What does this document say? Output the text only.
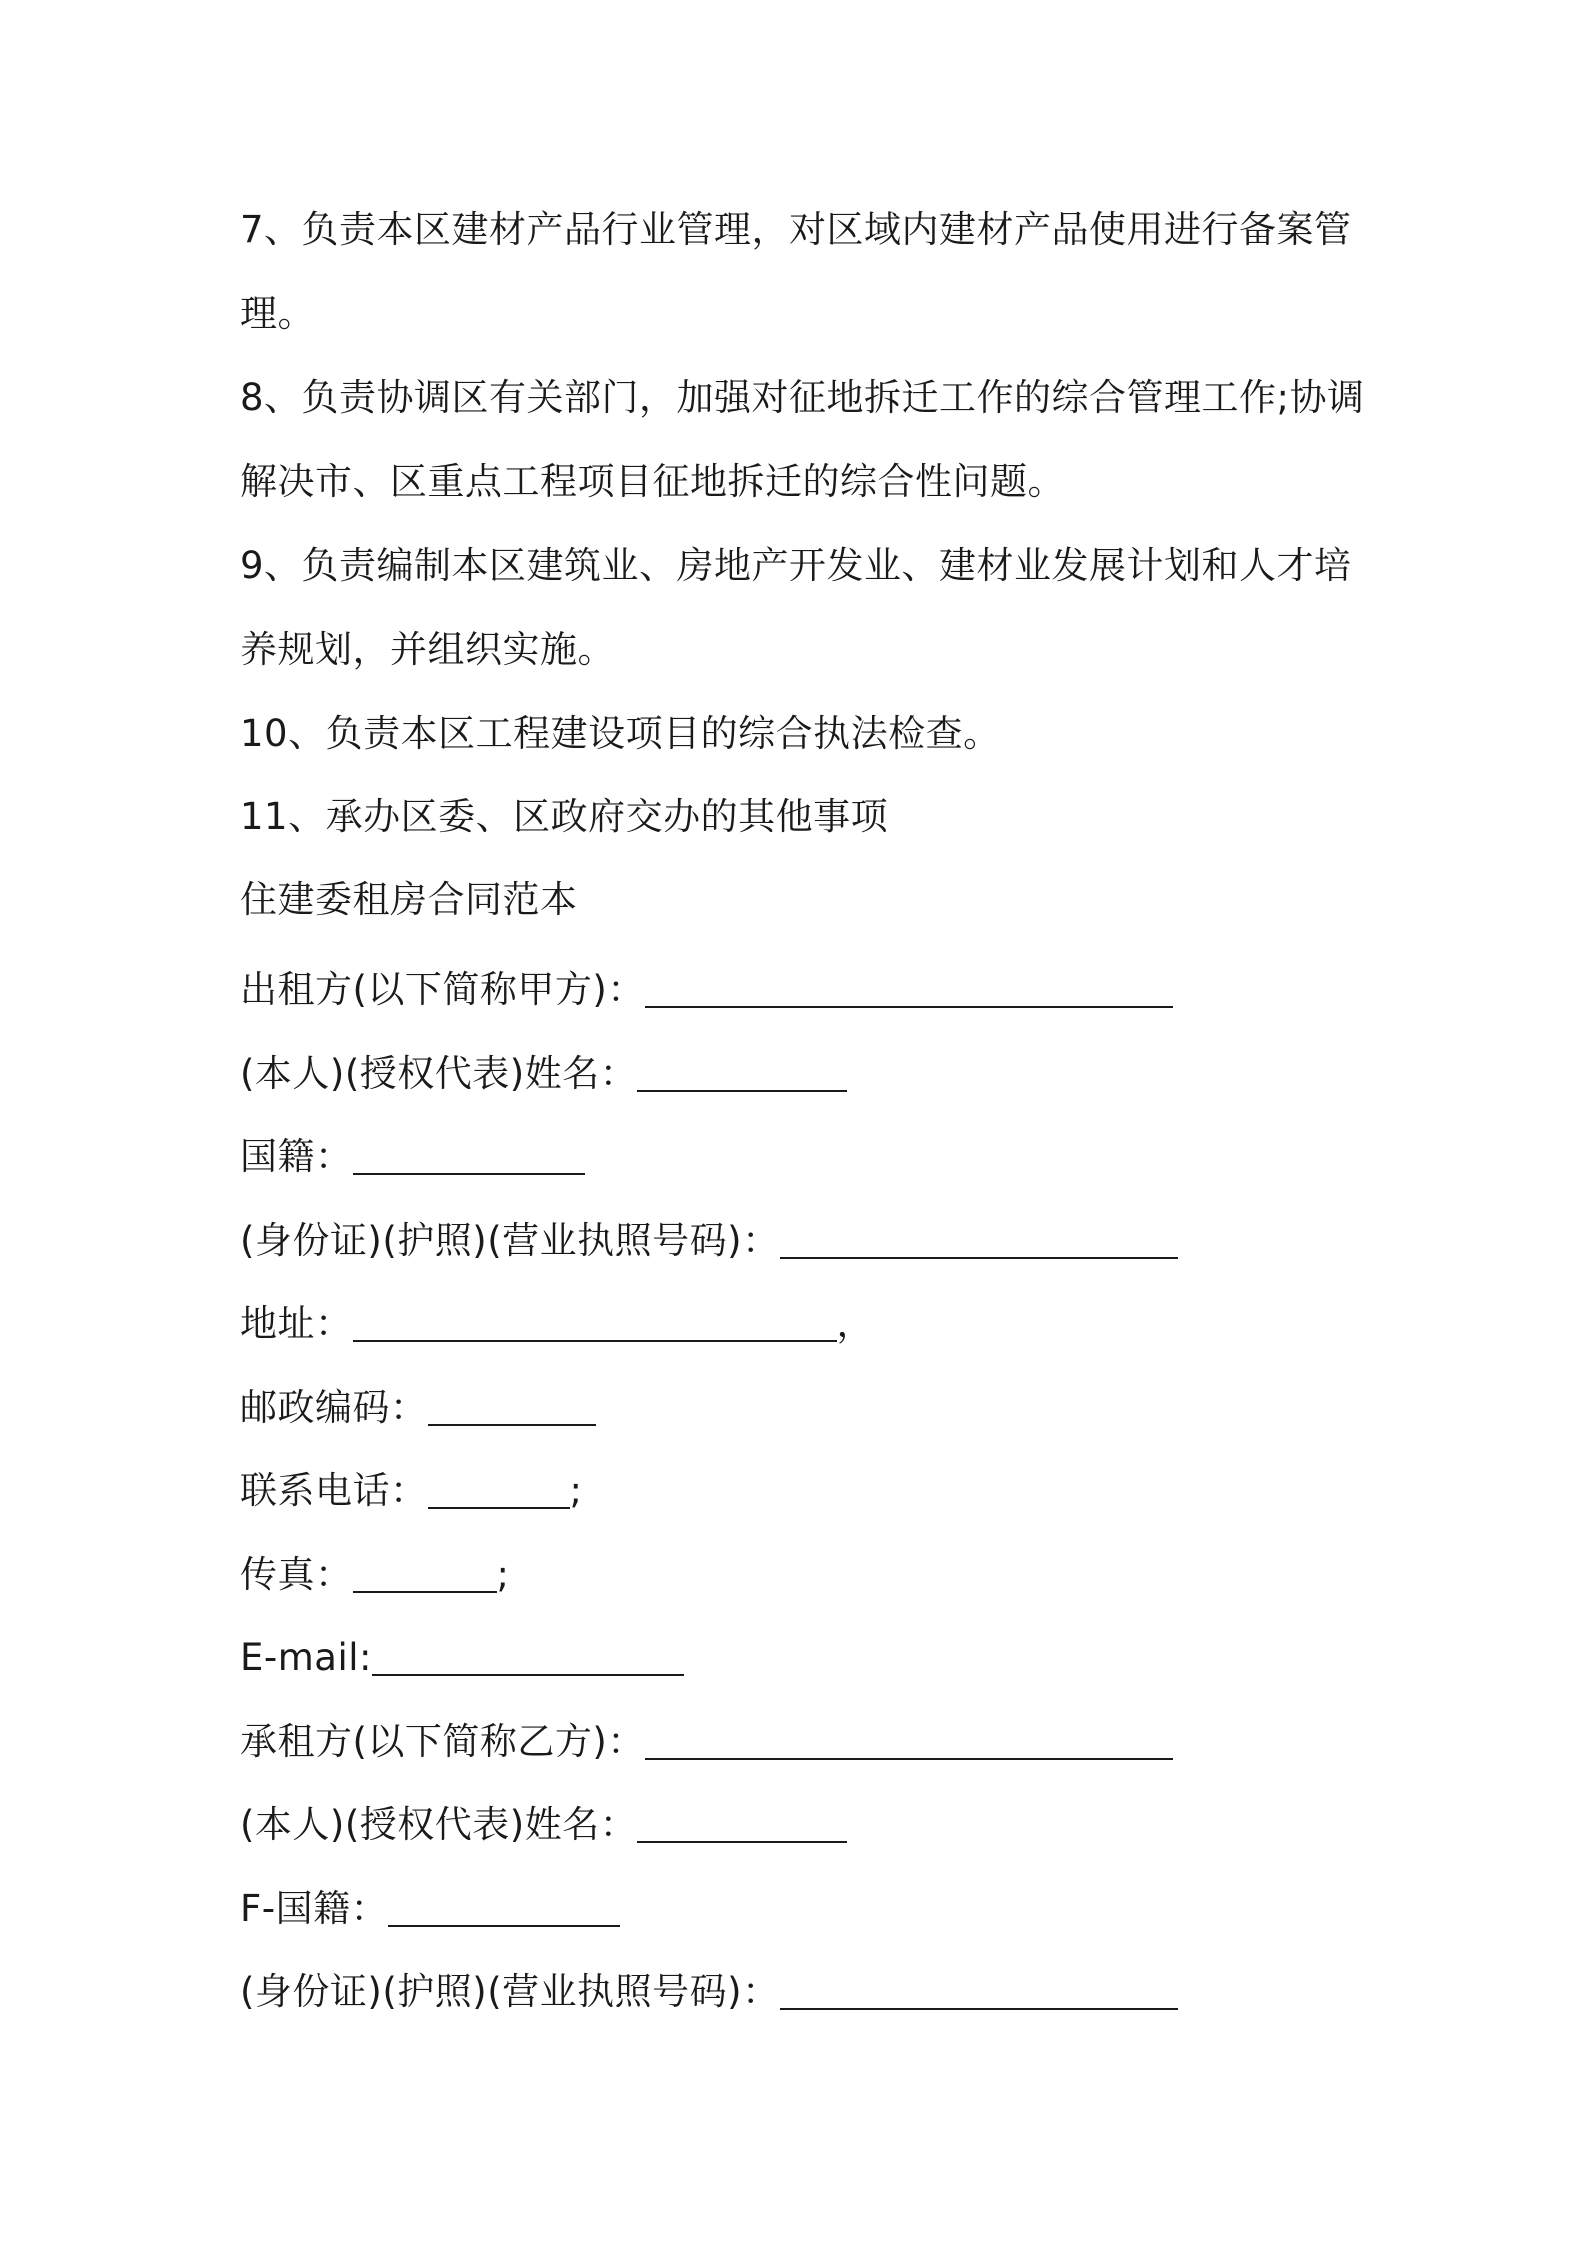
7、负责本区建材产品行业管理，对区域内建材产品使用进行备案管
理。
8、负责协调区有关部门，加强对征地拆迁工作的综合管理工作;协调
解决市、区重点工程项目征地拆迁的综合性问题。
9、负责编制本区建筑业、房地产开发业、建材业发展计划和人才培
养规划，并组织实施。
10、负责本区工程建设项目的综合执法检查。
11、承办区委、区政府交办的其他事项
住建委租房合同范本
出租方(以下简称甲方)：
(本人)(授权代表)姓名：
国籍：
(身份证)(护照)(营业执照号码)：
地址：	，
邮政编码：
联系电话：	;
传真：	;
E-mail:
承租方(以下简称乙方)：
(本人)(授权代表)姓名：
F-国籍：
(身份证)(护照)(营业执照号码)：
